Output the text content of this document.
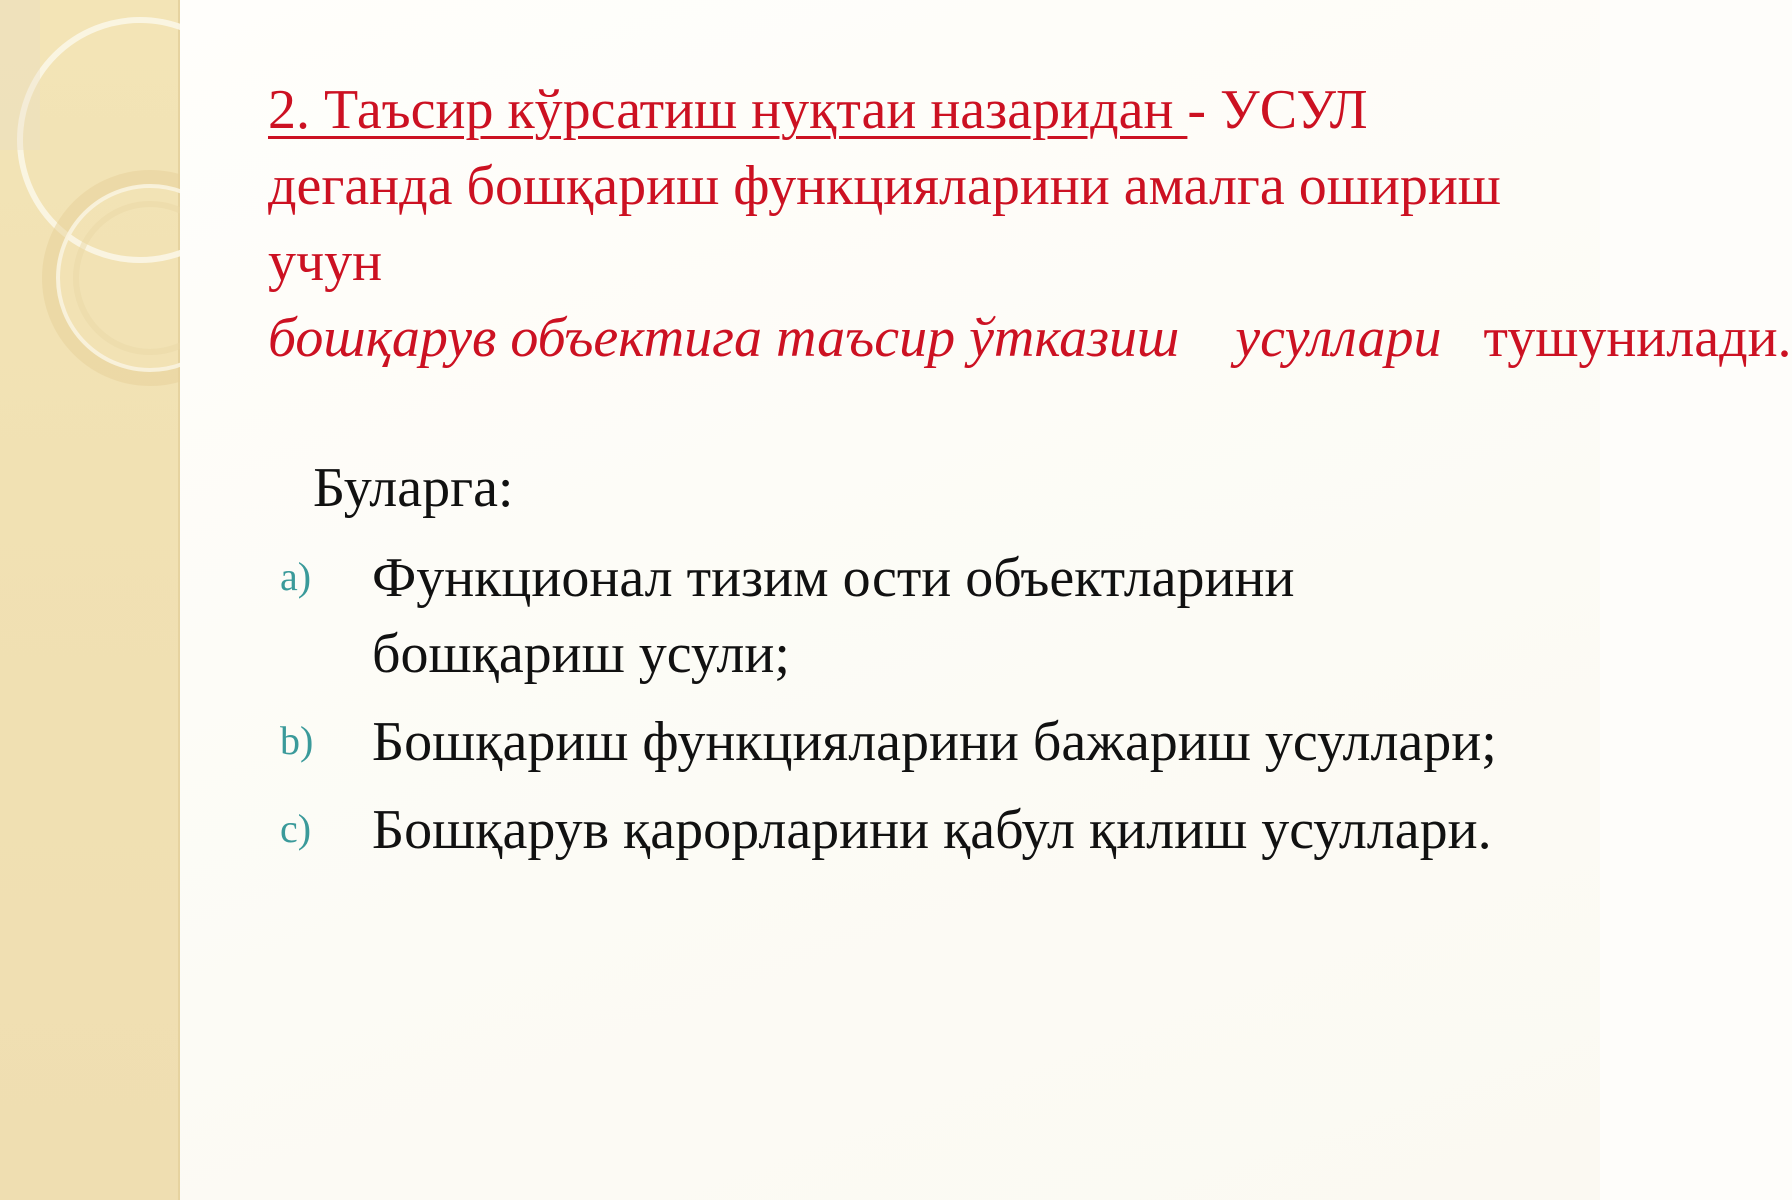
2. Таъсир кўрсатиш нуқтаи назаридан - УСУЛ деганда бошқариш функцияларини амалга ошириш учун бошқарув объектига таъсир ўтказиш    усуллари   тушунилади.

Буларга:

a) Функционал тизим ости объектларини бошқариш усули;
b) Бошқариш функцияларини бажариш усуллари;
c) Бошқарув қарорларини қабул қилиш усуллари.
